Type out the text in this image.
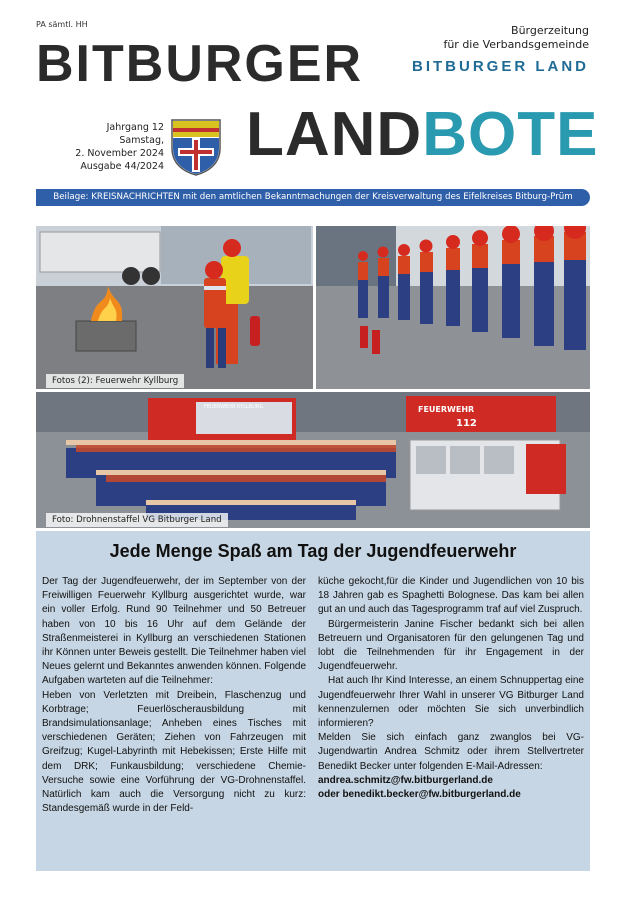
PA sämtl. HH
BITBURGER
LANDBOTE
Bürgerzeitung
für die Verbandsgemeinde
BITBURGER LAND
Jahrgang 12
Samstag,
2. November 2024
Ausgabe 44/2024
Beilage: KREISNACHRICHTEN mit den amtlichen Bekanntmachungen der Kreisverwaltung des Eifelkreises Bitburg-Prüm
FEUERWEHR KYLLBURG	FEUERWEHR
112
Fotos (2): Feuerwehr Kyllburg
Foto: Drohnenstaffel VG Bitburger Land
Jede Menge Spaß am Tag der Jugendfeuerwehr

Der Tag der Jugendfeuerwehr, der im September von der Freiwilligen Feuerwehr Kyllburg ausgerichtet wurde, war ein voller Erfolg. Rund 90 Teilnehmer und 50 Betreuer haben von 10 bis 16 Uhr auf dem Gelände der Straßenmeisterei in Kyllburg an verschiedenen Stationen ihr Können unter Beweis gestellt. Die Teilnehmer haben viel Neues gelernt und Bekanntes anwenden können. Folgende Aufgaben warteten auf die Teilnehmer:

Heben von Verletzten mit Dreibein, Flaschenzug und Korbtrage; Feuerlöscherausbildung mit Brandsimulationsanlage; Anheben eines Tisches mit verschiedenen Geräten; Ziehen von Fahrzeugen mit Greifzug; Kugel-Labyrinth mit Hebekissen; Erste Hilfe mit dem DRK; Funkausbildung; verschiedene Chemie-Versuche sowie eine Vorführung der VG-Drohnenstaffel. Natürlich kam auch die Versorgung nicht zu kurz: Standesgemäß wurde in der Feld-

küche gekocht,für die Kinder und Jugendlichen von 10 bis 18 Jahren gab es Spaghetti Bolognese. Das kam bei allen gut an und auch das Tagesprogramm traf auf viel Zuspruch.

Bürgermeisterin Janine Fischer bedankt sich bei allen Betreuern und Organisatoren für den gelungenen Tag und lobt die Teilnehmenden für ihr Engagement in der Jugendfeuerwehr.

Hat auch Ihr Kind Interesse, an einem Schnuppertag eine Jugendfeuerwehr Ihrer Wahl in unserer VG Bitburger Land kennenzulernen oder möchten Sie sich unverbindlich informieren?

Melden Sie sich einfach ganz zwanglos bei VG-Jugendwartin Andrea Schmitz oder ihrem Stellvertreter Benedikt Becker unter folgenden E-Mail-Adressen:

andrea.schmitz@fw.bitburgerland.de
oder benedikt.becker@fw.bitburgerland.de
